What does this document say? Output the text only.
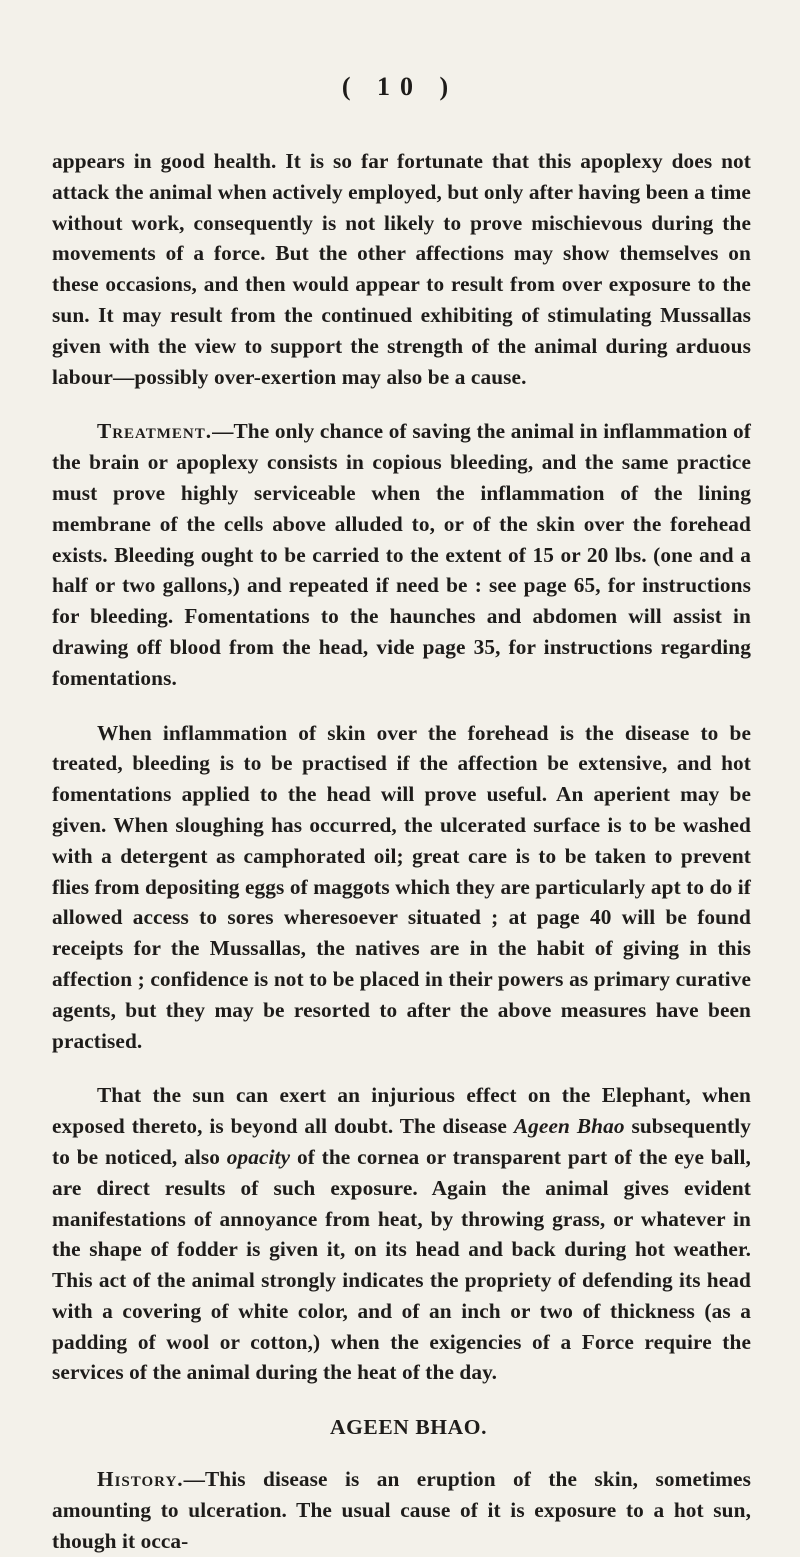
( 10 )

appears in good health. It is so far fortunate that this apoplexy does not attack the animal when actively employed, but only after having been a time without work, consequently is not likely to prove mischievous during the movements of a force. But the other affections may show themselves on these occasions, and then would appear to result from over exposure to the sun. It may result from the continued exhibiting of stimulating Mussallas given with the view to support the strength of the animal during arduous labour—possibly over-exertion may also be a cause.

Treatment.—The only chance of saving the animal in inflammation of the brain or apoplexy consists in copious bleeding, and the same practice must prove highly serviceable when the inflammation of the lining membrane of the cells above alluded to, or of the skin over the forehead exists. Bleeding ought to be carried to the extent of 15 or 20 lbs. (one and a half or two gallons,) and repeated if need be : see page 65, for instructions for bleeding. Fomentations to the haunches and abdomen will assist in drawing off blood from the head, vide page 35, for instructions regarding fomentations.

When inflammation of skin over the forehead is the disease to be treated, bleeding is to be practised if the affection be extensive, and hot fomentations applied to the head will prove useful. An aperient may be given. When sloughing has occurred, the ulcerated surface is to be washed with a detergent as camphorated oil; great care is to be taken to prevent flies from depositing eggs of maggots which they are particularly apt to do if allowed access to sores wheresoever situated ; at page 40 will be found receipts for the Mussallas, the natives are in the habit of giving in this affection ; confidence is not to be placed in their powers as primary curative agents, but they may be resorted to after the above measures have been practised.

That the sun can exert an injurious effect on the Elephant, when exposed thereto, is beyond all doubt. The disease Ageen Bhao subsequently to be noticed, also opacity of the cornea or transparent part of the eye ball, are direct results of such exposure. Again the animal gives evident manifestations of annoyance from heat, by throwing grass, or whatever in the shape of fodder is given it, on its head and back during hot weather. This act of the animal strongly indicates the propriety of defending its head with a covering of white color, and of an inch or two of thickness (as a padding of wool or cotton,) when the exigencies of a Force require the services of the animal during the heat of the day.

AGEEN BHAO.

History.—This disease is an eruption of the skin, sometimes amounting to ulceration. The usual cause of it is exposure to a hot sun, though it occa-
